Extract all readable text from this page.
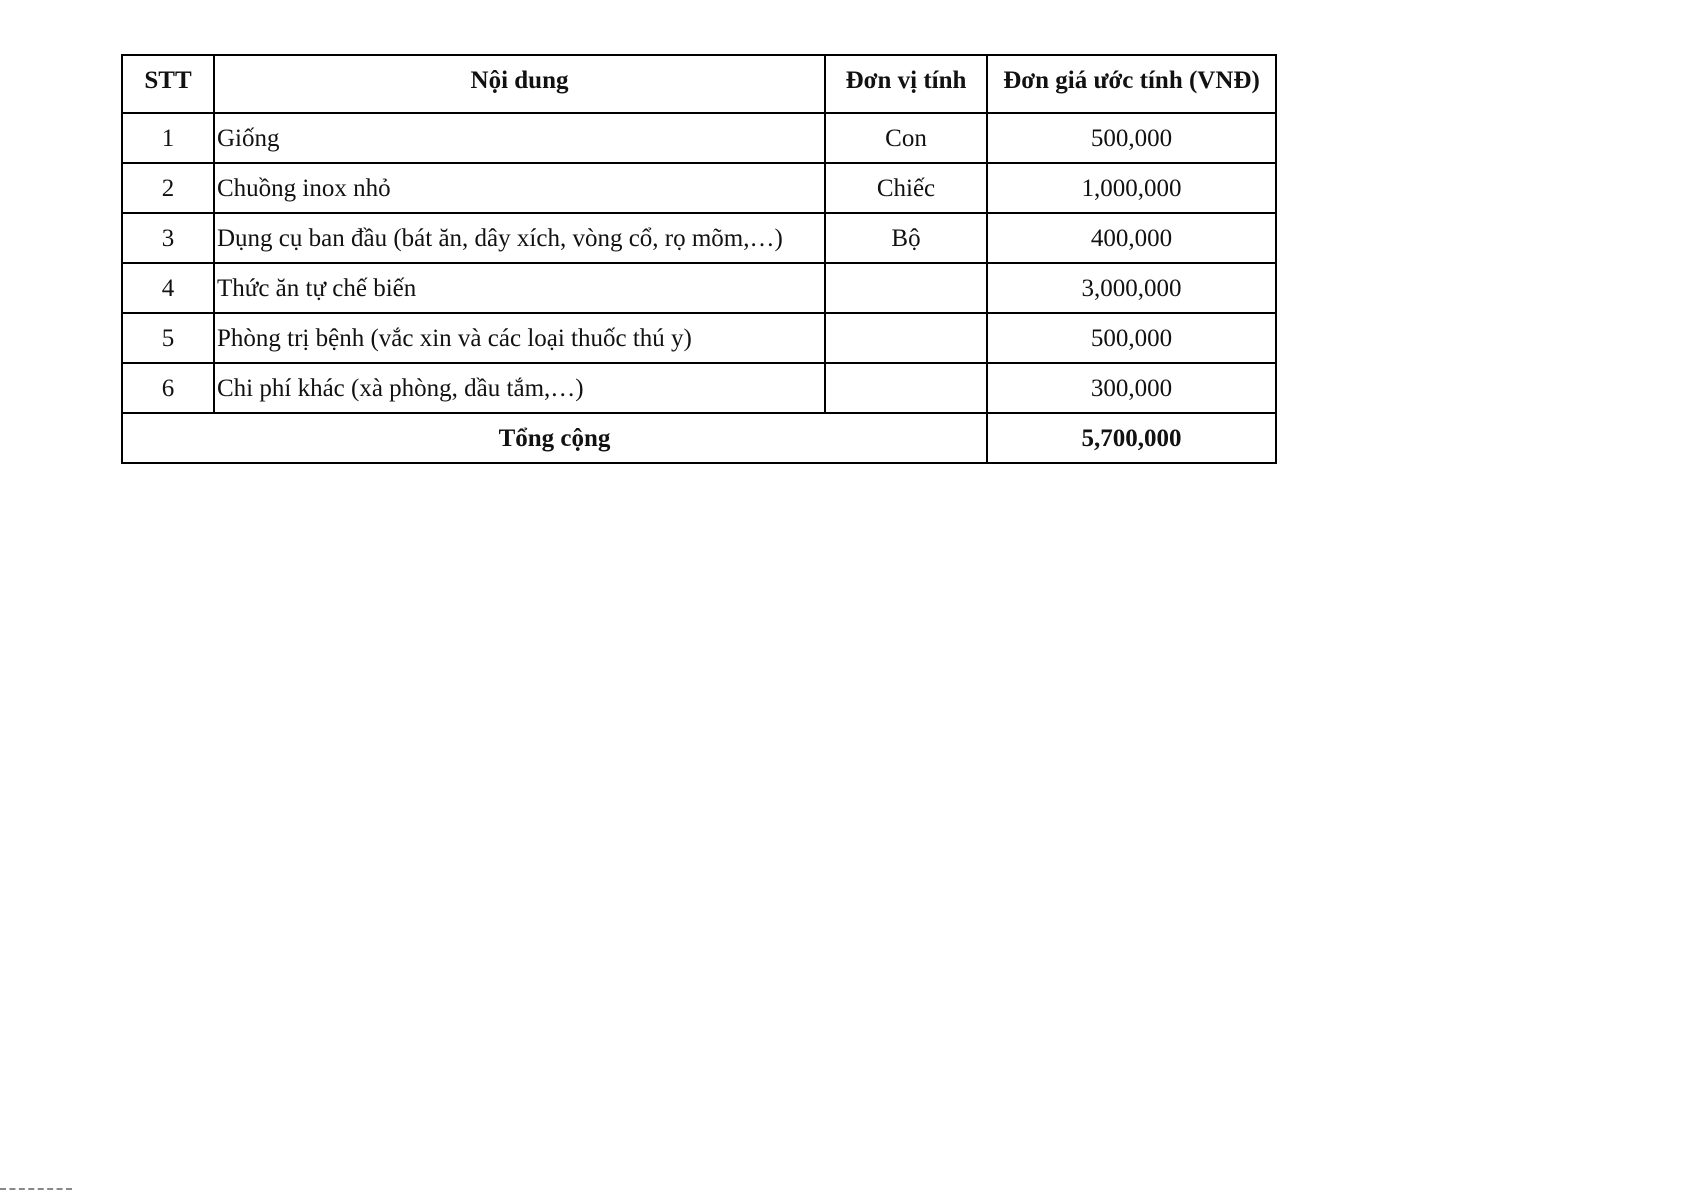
STT	Nội dung	Đơn vị tính	Đơn giá ước tính (VNĐ)
1	Giống	Con	500,000
2	Chuồng inox nhỏ	Chiếc	1,000,000
3	Dụng cụ ban đầu (bát ăn, dây xích, vòng cổ, rọ mõm,…)	Bộ	400,000
4	Thức ăn tự chế biến		3,000,000
5	Phòng trị bệnh (vắc xin và các loại thuốc thú y)		500,000
6	Chi phí khác (xà phòng, dầu tắm,…)		300,000
Tổng cộng			5,700,000
